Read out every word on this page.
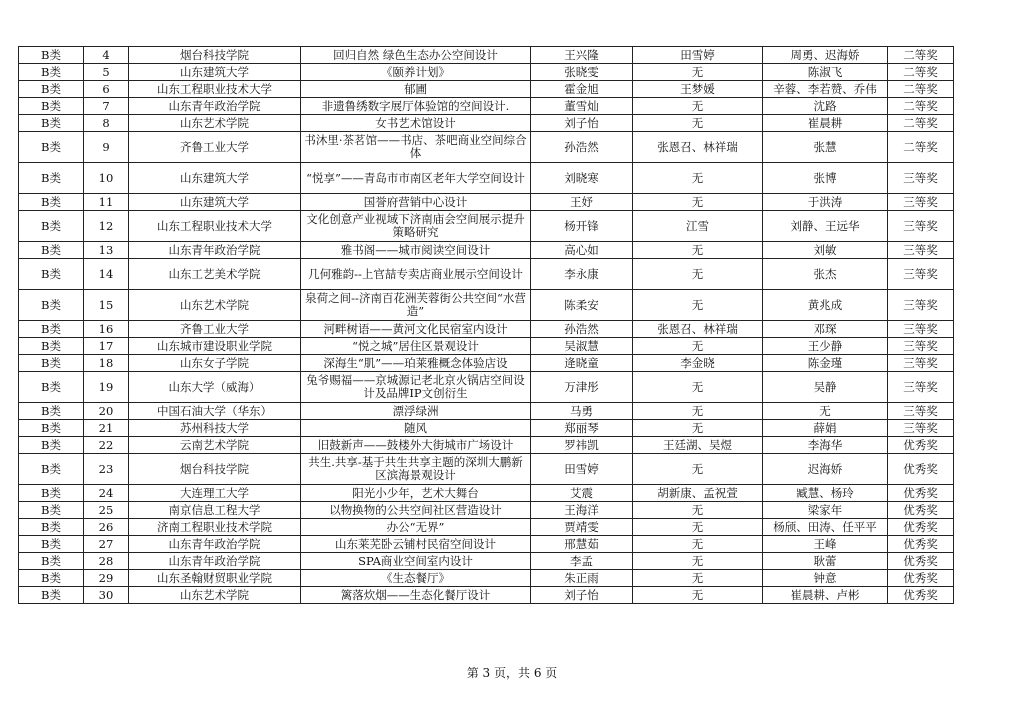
B类	4	烟台科技学院	回归自然 绿色生态办公空间设计	王兴隆	田雪婷	周勇、迟海娇	二等奖
B类	5	山东建筑大学	《颐养计划》	张晓雯	无	陈淑飞	二等奖
B类	6	山东工程职业技术大学	郁圃	霍金旭	王梦媛	辛蓉、李若赞、乔伟	二等奖
B类	7	山东青年政治学院	非遗鲁绣数字展厅体验馆的空间设计.	董雪灿	无	沈路	二等奖
B类	8	山东艺术学院	女书艺术馆设计	刘子怡	无	崔晨耕	二等奖
B类	9	齐鲁工业大学	书沐里·茶茗馆——书店、茶吧商业空间综合体	孙浩然	张恩召、林祥瑞	张慧	二等奖
B类	10	山东建筑大学	“悦享”——青岛市市南区老年大学空间设计	刘晓寒	无	张博	三等奖
B类	11	山东建筑大学	国誉府营销中心设计	王妤	无	于洪涛	三等奖
B类	12	山东工程职业技术大学	文化创意产业视域下济南庙会空间展示提升策略研究	杨开锋	江雪	刘静、王远华	三等奖
B类	13	山东青年政治学院	雅书阁——城市阅读空间设计	高心如	无	刘敏	三等奖
B类	14	山东工艺美术学院	几何雅韵--上官喆专卖店商业展示空间设计	李永康	无	张杰	三等奖
B类	15	山东艺术学院	泉荷之间--济南百花洲芙蓉街公共空间“水营造”	陈柔安	无	黄兆成	三等奖
B类	16	齐鲁工业大学	河畔树语——黄河文化民宿室内设计	孙浩然	张恩召、林祥瑞	邓琛	三等奖
B类	17	山东城市建设职业学院	“悦之城”居住区景观设计	吴淑慧	无	王少静	三等奖
B类	18	山东女子学院	深海生“肌”——珀莱雅概念体验店设	逄晓童	李金晓	陈金瑾	三等奖
B类	19	山东大学（威海）	兔爷赐福——京城源记老北京火锅店空间设计及品牌IP文创衍生	万津彤	无	吴静	三等奖
B类	20	中国石油大学（华东）	漂浮绿洲	马勇	无	无	三等奖
B类	21	苏州科技大学	随风	郑丽琴	无	薛娟	三等奖
B类	22	云南艺术学院	旧鼓新声——鼓楼外大街城市广场设计	罗祎凯	王廷湖、吴煜	李海华	优秀奖
B类	23	烟台科技学院	共生.共享-基于共生共享主题的深圳大鹏新区滨海景观设计	田雪婷	无	迟海娇	优秀奖
B类	24	大连理工大学	阳光小少年，艺术大舞台	艾震	胡新康、孟祝萱	臧慧、杨玲	优秀奖
B类	25	南京信息工程大学	以物换物的公共空间社区营造设计	王海洋	无	梁家年	优秀奖
B类	26	济南工程职业技术学院	办公“无界”	贾靖雯	无	杨颀、田涛、任平平	优秀奖
B类	27	山东青年政治学院	山东莱芜卧云铺村民宿空间设计	邢慧茹	无	王峰	优秀奖
B类	28	山东青年政治学院	SPA商业空间室内设计	李孟	无	耿蕾	优秀奖
B类	29	山东圣翰财贸职业学院	《生态餐厅》	朱正雨	无	钟意	优秀奖
B类	30	山东艺术学院	篱落炊烟——生态化餐厅设计	刘子怡	无	崔晨耕、卢彬	优秀奖
第 3 页，共 6 页
